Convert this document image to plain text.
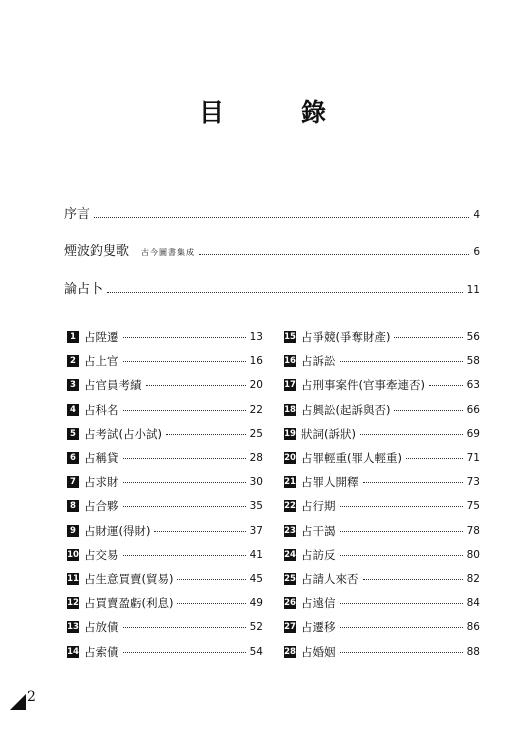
目　錄
序言	4
煙波釣叟歌 古今圖書集成	6
論占卜	11
1 占陞遷	13
2 占上官	16
3 占官員考績	20
4 占科名	22
5 占考試(占小試)	25
6 占稱貸	28
7 占求財	30
8 占合夥	35
9 占財運(得財)	37
10 占交易	41
11 占生意買賣(貿易)	45
12 占買賣盈虧(利息)	49
13 占放債	52
14 占索債	54
15 占爭競(爭奪財產)	56
16 占訴訟	58
17 占刑事案件(官事牽連否)	63
18 占興訟(起訴與否)	66
19 狀詞(訴狀)	69
20 占罪輕重(罪人輕重)	71
21 占罪人開釋	73
22 占行期	75
23 占干謁	78
24 占訪反	80
25 占請人來否	82
26 占遠信	84
27 占遷移	86
28 占婚姻	88
2
